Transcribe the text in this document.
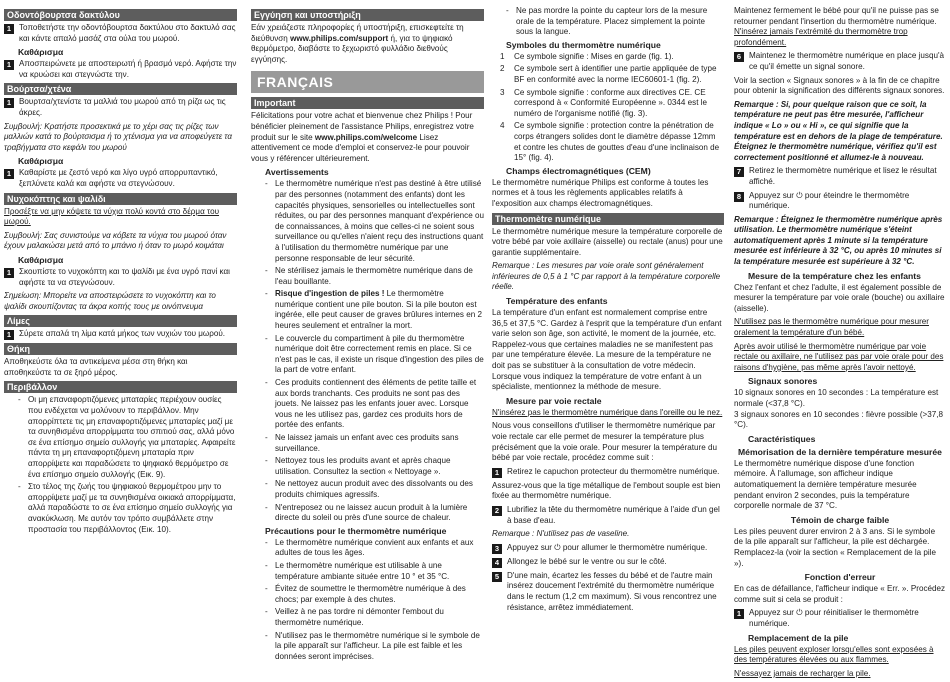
Οδοντόβουρτσα δακτύλου
1 Τοποθετήστε την οδοντόβουρτσα δακτύλου στο δακτυλό σας και κάντε απαλό μασάζ στα ούλα του μωρού.
Καθάρισμα
1 Αποσπειρώνετε με αποστειρωτή ή βρασμό νερό. Αφήστε την να κρυώσει και στεγνώστε την.
Βούρτσα/χτένα
1 Βουρτσα/χτενίστε τα μαλλιά του μωρού από τη ρίζα ως τις άκρες.

Συμβουλή: Κρατήστε προσεκτικά με το χέρι σας τις ρίζες των μαλλιών κατά το βούρτσισμα ή το χτένισμα για να αποφεύγετε τα τραβήγματα στο κεφάλι του μωρού

Καθάρισμα
1 Καθαρίστε με ζεστό νερό και λίγο υγρό απορρυπαντικό, ξεπλύνετε καλά και αφήστε να στεγνώσουν.
Νυχοκόπτης και ψαλίδι

Προσέξτε να μην κόψετε τα νύχια πολύ κοντά στο δέρμα του μωρού.

Συμβουλή: Σας συνιστούμε να κόβετε τα νύχια του μωρού όταν έχουν μαλακώσει μετά από το μπάνιο ή όταν το μωρό κοιμάται

Καθάρισμα
1 Σκουπίστε το νυχοκόπτη και το ψαλίδι με ένα υγρό πανί και αφήστε τα να στεγνώσουν.

Σημείωση: Μπορείτε να αποστειρώσετε το νυχοκόπτη και το ψαλίδι σκουπίζοντας τα άκρα κοπής τους με οινόπνευμα

Λίμες
1 Σύρετε απαλά τη λίμα κατά μήκος των νυχιών του μωρού.
Θήκη

Αποθηκεύστε όλα τα αντικείμενα μέσα στη θήκη και αποθηκεύστε τα σε ξηρό μέρος.

Περιβάλλον
- Οι μη επαναφορτιζόμενες μπαταρίες περιέχουν ουσίες που ενδέχεται να μολύνουν το περιβάλλον. Μην απορρίπτετε τις μη επαναφορτιζόμενες μπαταρίες μαζί με τα συνηθισμένα απορρίμματα του σπιτιού σας, αλλά μόνο σε ένα επίσημο σημείο συλλογής για μπαταρίες. Αφαιρείτε πάντα τη μη επαναφορτιζόμενη μπαταρία πριν απορρίψετε και παραδώσετε το ψηφιακό θερμόμετρο σε ένα επίσημο σημείο συλλογής (Εικ. 9).
- Στο τέλος της ζωής του ψηφιακού θερμομέτρου μην το απορρίψετε μαζί με τα συνηθισμένα οικιακά απορρίμματα, αλλά παραδώστε το σε ένα επίσημο σημείο συλλογής για ανακύκλωση. Με αυτόν τον τρόπο συμβάλλετε στην προστασία του περιβάλλοντος (Εικ. 10).
Εγγύηση και υποστήριξη

Εάν χρειάζεστε πληροφορίες ή υποστήριξη, επισκεφτείτε τη διεύθυνση www.philips.com/support ή, για το ψηφιακό θερμόμετρο, διαβάστε το ξεχωριστό φυλλάδιο διεθνούς εγγύησης.

FRANÇAIS
Important

Félicitations pour votre achat et bienvenue chez Philips ! Pour bénéficier pleinement de l'assistance Philips, enregistrez votre produit sur le site www.philips.com/welcome Lisez attentivement ce mode d'emploi et conservez-le pour pouvoir vous y référencer ultérieurement.

Avertissements
- Le thermomètre numérique n'est pas destiné à être utilisé par des personnes (notamment des enfants) dont les capacités physiques, sensorielles ou intellectuelles sont réduites, ou par des personnes manquant d'expérience ou de connaissances, à moins que celles-ci ne soient sous surveillance ou qu'elles n'aient reçu des instructions quant à l'utilisation du thermomètre numérique par une personne responsable de leur sécurité.
- Ne stérilisez jamais le thermomètre numérique dans de l'eau bouillante.
- Risque d'ingestion de piles ! Le thermomètre numérique contient une pile bouton. Si la pile bouton est ingérée, elle peut causer de graves brûlures internes en 2 heures seulement et entraîner la mort.
- Le couvercle du compartiment à pile du thermomètre numérique doit être correctement remis en place. Si ce n'est pas le cas, il existe un risque d'ingestion des piles de la part de votre enfant.
- Ces produits contiennent des éléments de petite taille et aux bords tranchants. Ces produits ne sont pas des jouets. Ne laissez pas les enfants jouer avec. Lorsque vous ne les utilisez pas, gardez ces produits hors de portée des enfants.
- Ne laissez jamais un enfant avec ces produits sans surveillance.
- Nettoyez tous les produits avant et après chaque utilisation. Consultez la section « Nettoyage ».
- Ne nettoyez aucun produit avec des dissolvants ou des produits chimiques agressifs.
- N'entreposez ou ne laissez aucun produit à la lumière directe du soleil ou près d'une source de chaleur.
Précautions pour le thermomètre numérique
- Le thermomètre numérique convient aux enfants et aux adultes de tous les âges.
- Le thermomètre numérique est utilisable à une température ambiante située entre 10 ° et 35 °C.
- Évitez de soumettre le thermomètre numérique à des chocs; par exemple à des chutes.
- Veillez à ne pas tordre ni démonter l'embout du thermomètre numérique.
- N'utilisez pas le thermomètre numérique si le symbole de la pile apparaît sur l'afficheur. La pile est faible et les données seront imprécises.
- Ne pas mordre la pointe du capteur lors de la mesure orale de la température. Placez simplement la pointe sous la langue.
Symboles du thermomètre numérique
1 Ce symbole signifie : Mises en garde (fig. 1).
2 Ce symbole sert à identifier une partie appliquée de type BF en conformité avec la norme IEC60601-1 (fig. 2).
3 Ce symbole signifie : conforme aux directives CE. CE correspond à « Conformité Européenne ». 0344 est le numéro de l'organisme notifié (fig. 3).
4 Ce symbole signifie : protection contre la pénétration de corps étrangers solides dont le diamètre dépasse 12mm et contre les chutes de gouttes d'eau d'une inclinaison de 15° (fig. 4).
Champs électromagnétiques (CEM)

Le thermomètre numérique Philips est conforme à toutes les normes et à tous les règlements applicables relatifs à l'exposition aux champs électromagnétiques.

Thermomètre numérique

Le thermomètre numérique mesure la température corporelle de votre bébé par voie axillaire (aisselle) ou rectale (anus) pour une garantie supplémentaire.

Remarque : Les mesures par voie orale sont généralement inférieures de 0,5 à 1 °C par rapport à la température corporelle réelle.

Température des enfants

La température d'un enfant est normalement comprise entre 36,5 et 37,5 °C. Gardez à l'esprit que la température d'un enfant varie selon son âge, son activité, le moment de la journée, etc. Rappelez-vous que certaines maladies ne se manifestent pas par une température élevée. La mesure de la température ne doit pas se substituer à la consultation de votre médecin. Lorsque vous indiquez la température de votre enfant à un spécialiste, mentionnez la méthode de mesure.

Mesure par voie rectale

N'insérez pas le thermomètre numérique dans l'oreille ou le nez.

Nous vous conseillons d'utiliser le thermomètre numérique par voie rectale car elle permet de mesurer la température plus précisément que la voie orale. Pour mesurer la température du bébé par voie rectale, procédez comme suit :

1 Retirez le capuchon protecteur du thermomètre numérique.

Assurez-vous que la tige métallique de l'embout souple est bien fixée au thermomètre numérique.

2 Lubrifiez la tête du thermomètre numérique à l'aide d'un gel à base d'eau.

Remarque : N'utilisez pas de vaseline.

3 Appuyez sur ⏻ pour allumer le thermomètre numérique.
4 Allongez le bébé sur le ventre ou sur le côté.
5 D'une main, écartez les fesses du bébé et de l'autre main insérez doucement l'extrémité du thermomètre numérique dans le rectum (1,2 cm maximum). Si vous rencontrez une résistance, arrêtez immédiatement.

Maintenez fermement le bébé pour qu'il ne puisse pas se retourner pendant l'insertion du thermomètre numérique.

N'insérez jamais l'extrémité du thermomètre trop profondément.

6 Maintenez le thermomètre numérique en place jusqu'à ce qu'il émette un signal sonore.

Voir la section « Signaux sonores » à la fin de ce chapitre pour obtenir la signification des différents signaux sonores.

Remarque : Si, pour quelque raison que ce soit, la température ne peut pas être mesurée, l'afficheur indique « Lo » ou « Hi », ce qui signifie que la température est en dehors de la plage de température. Éteignez le thermomètre numérique, vérifiez qu'il est correctement positionné et allumez-le à nouveau.

7 Retirez le thermomètre numérique et lisez le résultat affiché.
8 Appuyez sur ⏻ pour éteindre le thermomètre numérique.

Remarque : Éteignez le thermomètre numérique après utilisation. Le thermomètre numérique s'éteint automatiquement après 1 minute si la température mesurée est inférieure à 32 °C, ou après 10 minutes si la température mesurée est supérieure à 32 °C.

Mesure de la température chez les enfants

Chez l'enfant et chez l'adulte, il est également possible de mesurer la température par voie orale (bouche) ou axillaire (aisselle).

N'utilisez pas le thermomètre numérique pour mesurer oralement la température d'un bébé.

Après avoir utilisé le thermomètre numérique par voie rectale ou axillaire, ne l'utilisez pas par voie orale pour des raisons d'hygiène, pas même après l'avoir nettoyé.

Signaux sonores

10 signaux sonores en 10 secondes : La température est normale (<37,8 °C).

3 signaux sonores en 10 secondes : fièvre possible (>37,8 °C).

Caractéristiques
Mémorisation de la dernière température mesurée

Le thermomètre numérique dispose d'une fonction mémoire. À l'allumage, son afficheur indique automatiquement la dernière température mesurée pendant environ 2 secondes, puis la température corporelle normale de 37 °C.

Témoin de charge faible

Les piles peuvent durer environ 2 à 3 ans. Si le symbole de la pile apparaît sur l'afficheur, la pile est déchargée. Remplacez-la (voir la section « Remplacement de la pile »).

Fonction d'erreur

En cas de défaillance, l'afficheur indique « Err. ». Procédez comme suit si cela se produit :

1 Appuyez sur ⏻ pour réinitialiser le thermomètre numérique.
Remplacement de la pile

Les piles peuvent exploser lorsqu'elles sont exposées à des températures élevées ou aux flammes.

N'essayez jamais de recharger la pile.
